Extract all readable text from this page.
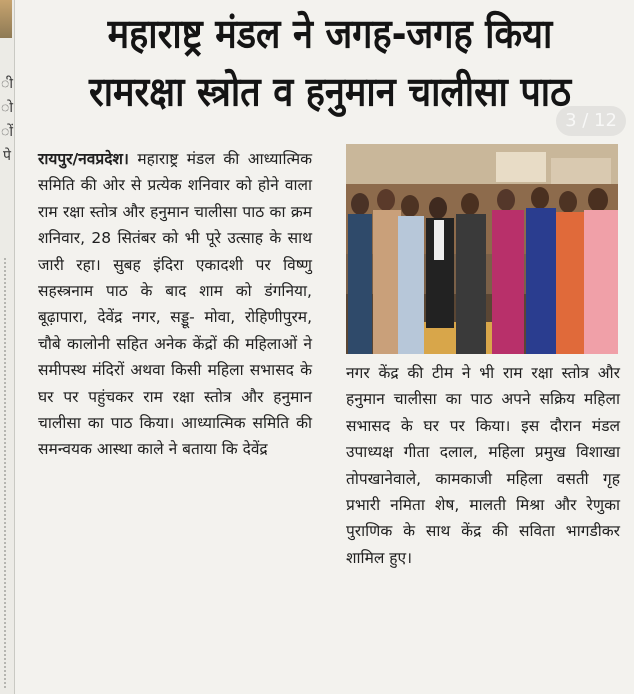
ी
ो
ों
पे
महाराष्ट्र मंडल ने जगह-जगह किया
रामरक्षा स्त्रोत व हनुमान चालीसा पाठ
3 / 12
रायपुर/नवप्रदेश। महाराष्ट्र मंडल की आध्यात्मिक समिति की ओर से प्रत्येक शनिवार को होने वाला राम रक्षा स्तोत्र और हनुमान चालीसा पाठ का क्रम शनिवार, 28 सितंबर को भी पूरे उत्साह के साथ जारी रहा। सुबह इंदिरा एकादशी पर विष्णु सहस्त्रनाम पाठ के बाद शाम को डंगनिया, बूढ़ापारा, देवेंद्र नगर, सड्डू- मोवा, रोहिणीपुरम, चौबे कालोनी सहित अनेक केंद्रों की महिलाओं ने समीपस्थ मंदिरों अथवा किसी महिला सभासद के घर पर पहुंचकर राम रक्षा स्तोत्र और हनुमान चालीसा का पाठ किया। आध्यात्मिक समिति की समन्वयक आस्था काले ने बताया कि देवेंद्र
नगर केंद्र की टीम ने भी राम रक्षा स्तोत्र और हनुमान चालीसा का पाठ अपने सक्रिय महिला सभासद के घर पर किया। इस दौरान मंडल उपाध्यक्ष गीता दलाल, महिला प्रमुख विशाखा तोपखानेवाले, कामकाजी महिला वसती गृह प्रभारी नमिता शेष, मालती मिश्रा और रेणुका पुराणिक के साथ केंद्र की सविता भागडीकर शामिल हुए।
